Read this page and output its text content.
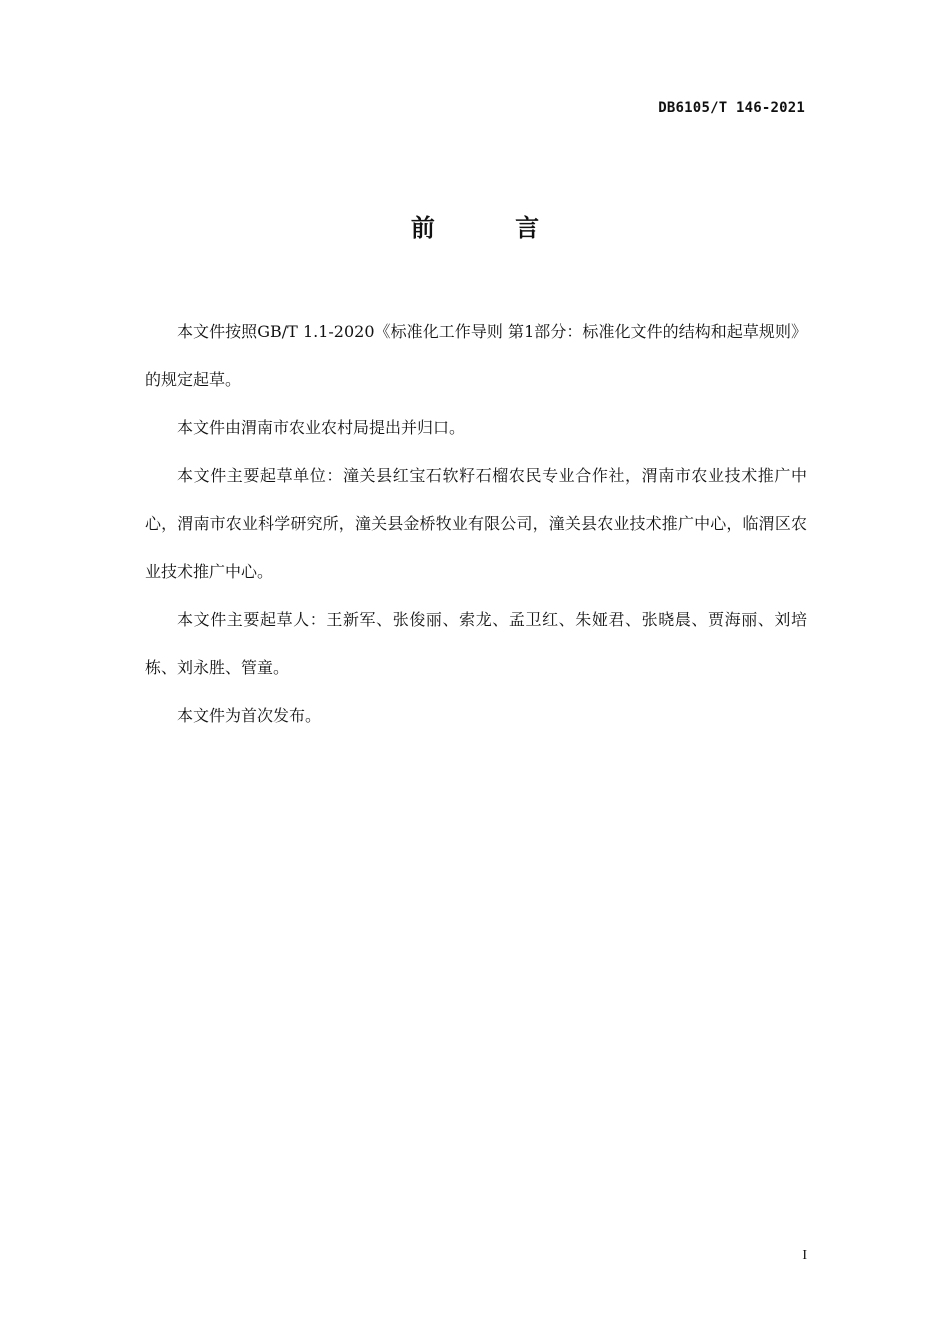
DB6105/T 146-2021
前 言

本文件按照GB/T 1.1-2020《标准化工作导则 第1部分：标准化文件的结构和起草规则》的规定起草。

本文件由渭南市农业农村局提出并归口。

本文件主要起草单位：潼关县红宝石软籽石榴农民专业合作社，渭南市农业技术推广中心，渭南市农业科学研究所，潼关县金桥牧业有限公司，潼关县农业技术推广中心，临渭区农业技术推广中心。

本文件主要起草人：王新军、张俊丽、索龙、孟卫红、朱娅君、张晓晨、贾海丽、刘培栋、刘永胜、管童。

本文件为首次发布。

I
